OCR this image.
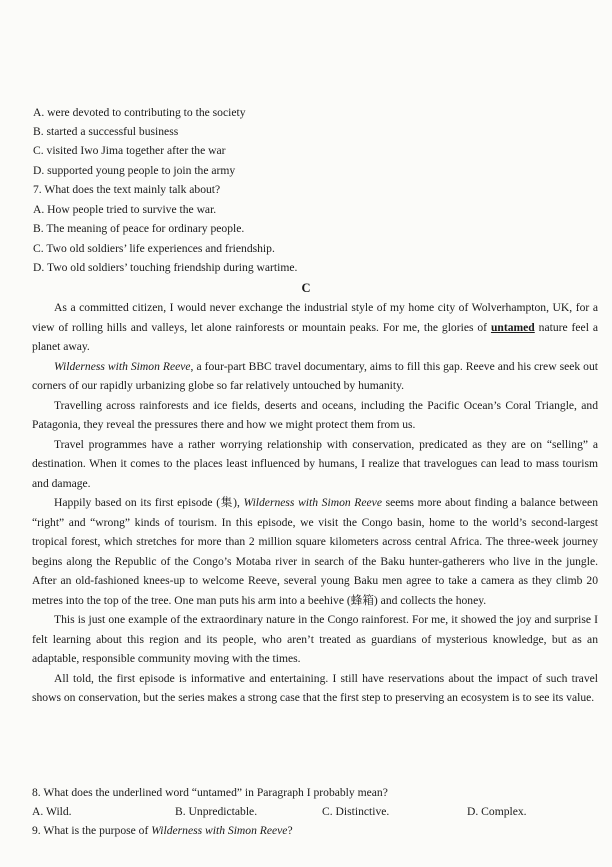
A. were devoted to contributing to the society
B. started a successful business
C. visited Iwo Jima together after the war
D. supported young people to join the army
7. What does the text mainly talk about?
A. How people tried to survive the war.
B. The meaning of peace for ordinary people.
C. Two old soldiers’ life experiences and friendship.
D. Two old soldiers’ touching friendship during wartime.
C

As a committed citizen, I would never exchange the industrial style of my home city of Wolverhampton, UK, for a view of rolling hills and valleys, let alone rainforests or mountain peaks. For me, the glories of untamed nature feel a planet away.

Wilderness with Simon Reeve, a four-part BBC travel documentary, aims to fill this gap. Reeve and his crew seek out corners of our rapidly urbanizing globe so far relatively untouched by humanity.

Travelling across rainforests and ice fields, deserts and oceans, including the Pacific Ocean’s Coral Triangle, and Patagonia, they reveal the pressures there and how we might protect them from us.

Travel programmes have a rather worrying relationship with conservation, predicated as they are on “selling” a destination. When it comes to the places least influenced by humans, I realize that travelogues can lead to mass tourism and damage.

Happily based on its first episode (集), Wilderness with Simon Reeve seems more about finding a balance between “right” and “wrong” kinds of tourism. In this episode, we visit the Congo basin, home to the world’s second-largest tropical forest, which stretches for more than 2 million square kilometers across central Africa. The three-week journey begins along the Republic of the Congo’s Motaba river in search of the Baku hunter-gatherers who live in the jungle. After an old-fashioned knees-up to welcome Reeve, several young Baku men agree to take a camera as they climb 20 metres into the top of the tree. One man puts his arm into a beehive (蜂箱) and collects the honey.

This is just one example of the extraordinary nature in the Congo rainforest. For me, it showed the joy and surprise I felt learning about this region and its people, who aren’t treated as guardians of mysterious knowledge, but as an adaptable, responsible community moving with the times.

All told, the first episode is informative and entertaining. I still have reservations about the impact of such travel shows on conservation, but the series makes a strong case that the first step to preserving an ecosystem is to see its value.

8. What does the underlined word “untamed” in Paragraph I probably mean?
A. Wild.	B. Unpredictable.	C. Distinctive.	D. Complex.
9. What is the purpose of Wilderness with Simon Reeve?
